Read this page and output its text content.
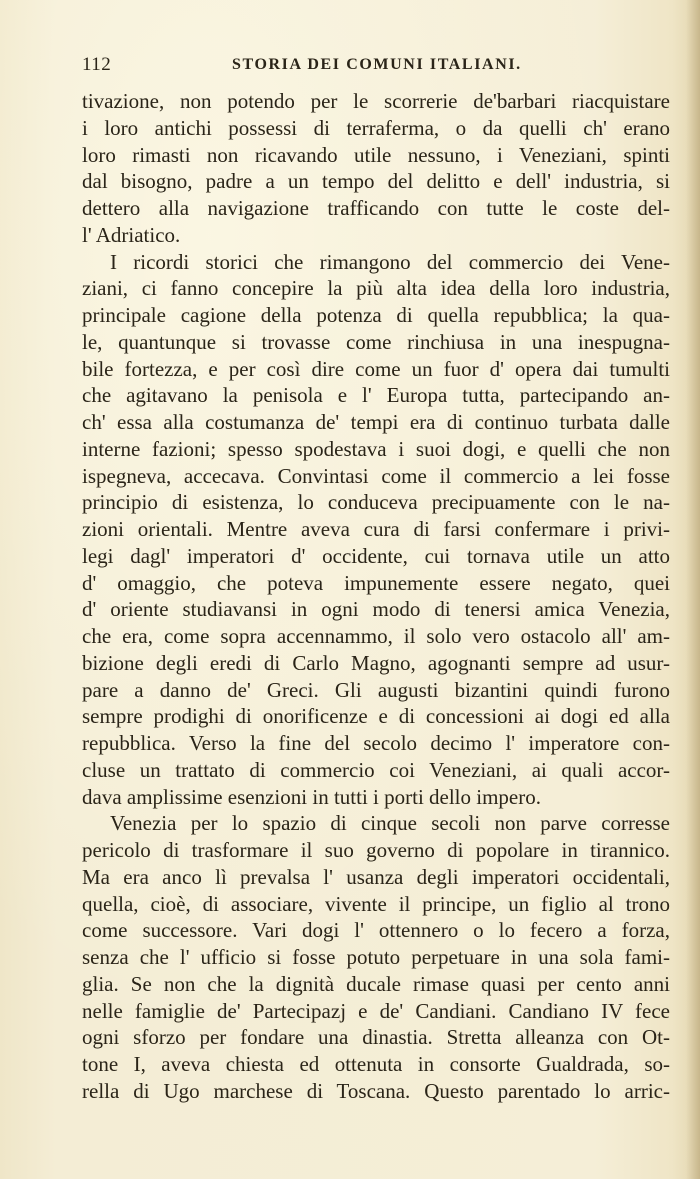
112	STORIA DEI COMUNI ITALIANI.
tivazione, non potendo per le scorrerie de'barbari riacquistare
i loro antichi possessi di terraferma, o da quelli ch' erano
loro rimasti non ricavando utile nessuno, i Veneziani, spinti
dal bisogno, padre a un tempo del delitto e dell' industria, si
dettero alla navigazione trafficando con tutte le coste del-
l' Adriatico.
I ricordi storici che rimangono del commercio dei Vene-
ziani, ci fanno concepire la più alta idea della loro industria,
principale cagione della potenza di quella repubblica; la qua-
le, quantunque si trovasse come rinchiusa in una inespugna-
bile fortezza, e per così dire come un fuor d' opera dai tumulti
che agitavano la penisola e l' Europa tutta, partecipando an-
ch' essa alla costumanza de' tempi era di continuo turbata dalle
interne fazioni; spesso spodestava i suoi dogi, e quelli che non
ispegneva, accecava. Convintasi come il commercio a lei fosse
principio di esistenza, lo conduceva precipuamente con le na-
zioni orientali. Mentre aveva cura di farsi confermare i privi-
legi dagl' imperatori d' occidente, cui tornava utile un atto
d' omaggio, che poteva impunemente essere negato, quei
d' oriente studiavansi in ogni modo di tenersi amica Venezia,
che era, come sopra accennammo, il solo vero ostacolo all' am-
bizione degli eredi di Carlo Magno, agognanti sempre ad usur-
pare a danno de' Greci. Gli augusti bizantini quindi furono
sempre prodighi di onorificenze e di concessioni ai dogi ed alla
repubblica. Verso la fine del secolo decimo l' imperatore con-
cluse un trattato di commercio coi Veneziani, ai quali accor-
dava amplissime esenzioni in tutti i porti dello impero.
Venezia per lo spazio di cinque secoli non parve corresse
pericolo di trasformare il suo governo di popolare in tirannico.
Ma era anco lì prevalsa l' usanza degli imperatori occidentali,
quella, cioè, di associare, vivente il principe, un figlio al trono
come successore. Vari dogi l' ottennero o lo fecero a forza,
senza che l' ufficio si fosse potuto perpetuare in una sola fami-
glia. Se non che la dignità ducale rimase quasi per cento anni
nelle famiglie de' Partecipazj e de' Candiani. Candiano IV fece
ogni sforzo per fondare una dinastia. Stretta alleanza con Ot-
tone I, aveva chiesta ed ottenuta in consorte Gualdrada, so-
rella di Ugo marchese di Toscana. Questo parentado lo arric-
